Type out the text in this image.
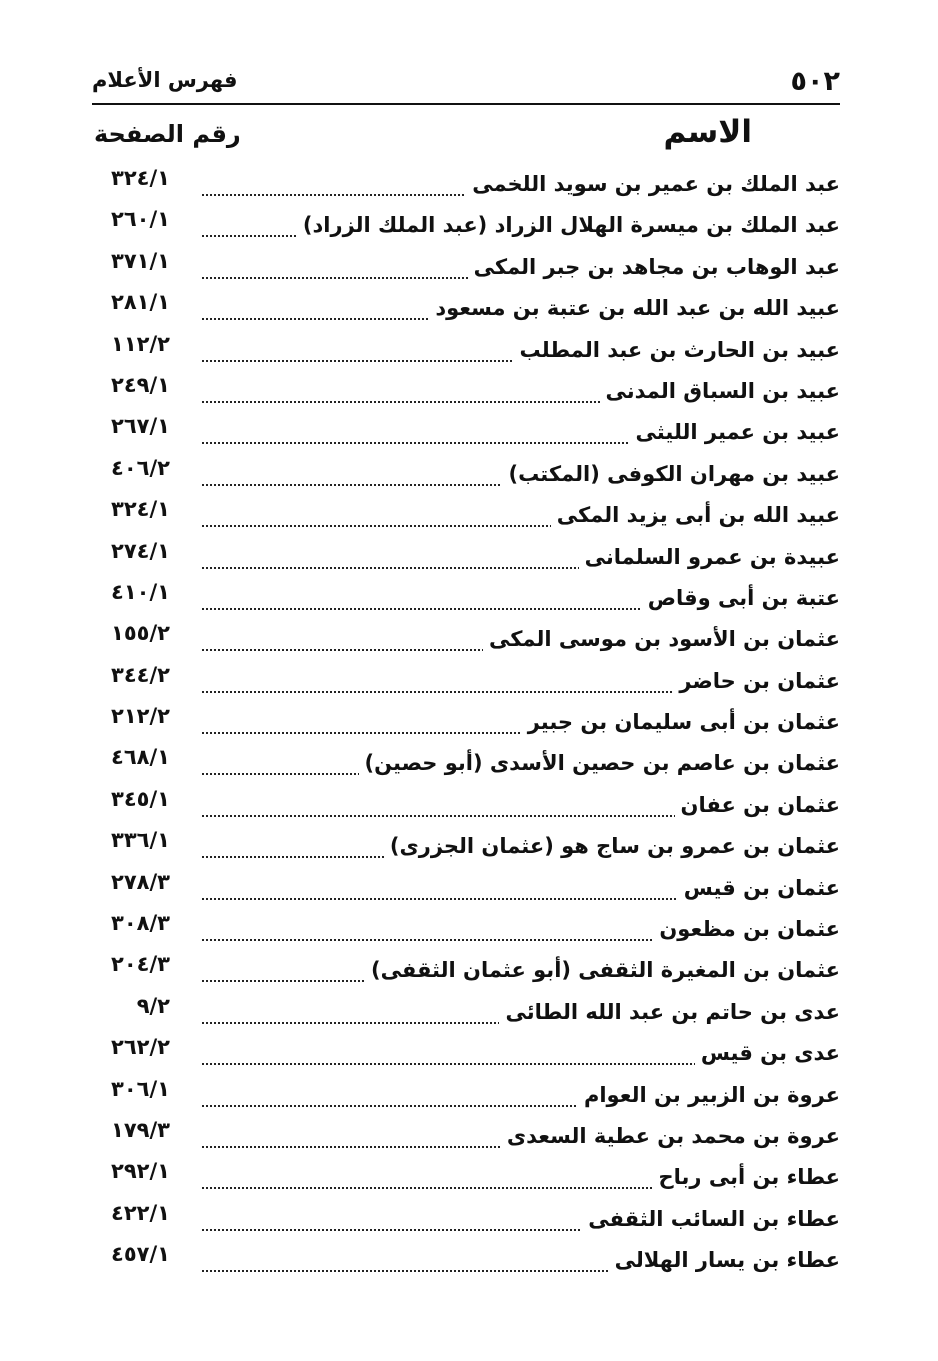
٥٠٢
فهرس الأعلام
الاسم
رقم الصفحة
عبد الملك بن عمير بن سويد اللخمى
٣٢٤/١
عبد الملك بن ميسرة الهلال الزراد (عبد الملك الزراد)
٢٦٠/١
عبد الوهاب بن مجاهد بن جبر المكى
٣٧١/١
عبيد الله بن عبد الله بن عتبة بن مسعود
٢٨١/١
عبيد بن الحارث بن عبد المطلب
١١٢/٢
عبيد بن السباق المدنى
٢٤٩/١
عبيد بن عمير الليثى
٢٦٧/١
عبيد بن مهران الكوفى (المكتب)
٤٠٦/٢
عبيد الله بن أبى يزيد المكى
٣٢٤/١
عبيدة بن عمرو السلمانى
٢٧٤/١
عتبة بن أبى وقاص
٤١٠/١
عثمان بن الأسود بن موسى المكى
١٥٥/٢
عثمان بن حاضر
٣٤٤/٢
عثمان بن أبى سليمان بن جبير
٢١٢/٢
عثمان بن عاصم بن حصين الأسدى (أبو حصين)
٤٦٨/١
عثمان بن عفان
٣٤٥/١
عثمان بن عمرو بن ساج هو (عثمان الجزرى)
٣٣٦/١
عثمان بن قيس
٢٧٨/٣
عثمان بن مظعون
٣٠٨/٣
عثمان بن المغيرة الثقفى (أبو عثمان الثقفى)
٢٠٤/٣
عدى بن حاتم بن عبد الله الطائى
٩/٢
عدى بن قيس
٢٦٢/٢
عروة بن الزبير بن العوام
٣٠٦/١
عروة بن محمد بن عطية السعدى
١٧٩/٣
عطاء بن أبى رباح
٢٩٢/١
عطاء بن السائب الثقفى
٤٢٢/١
عطاء بن يسار الهلالى
٤٥٧/١
